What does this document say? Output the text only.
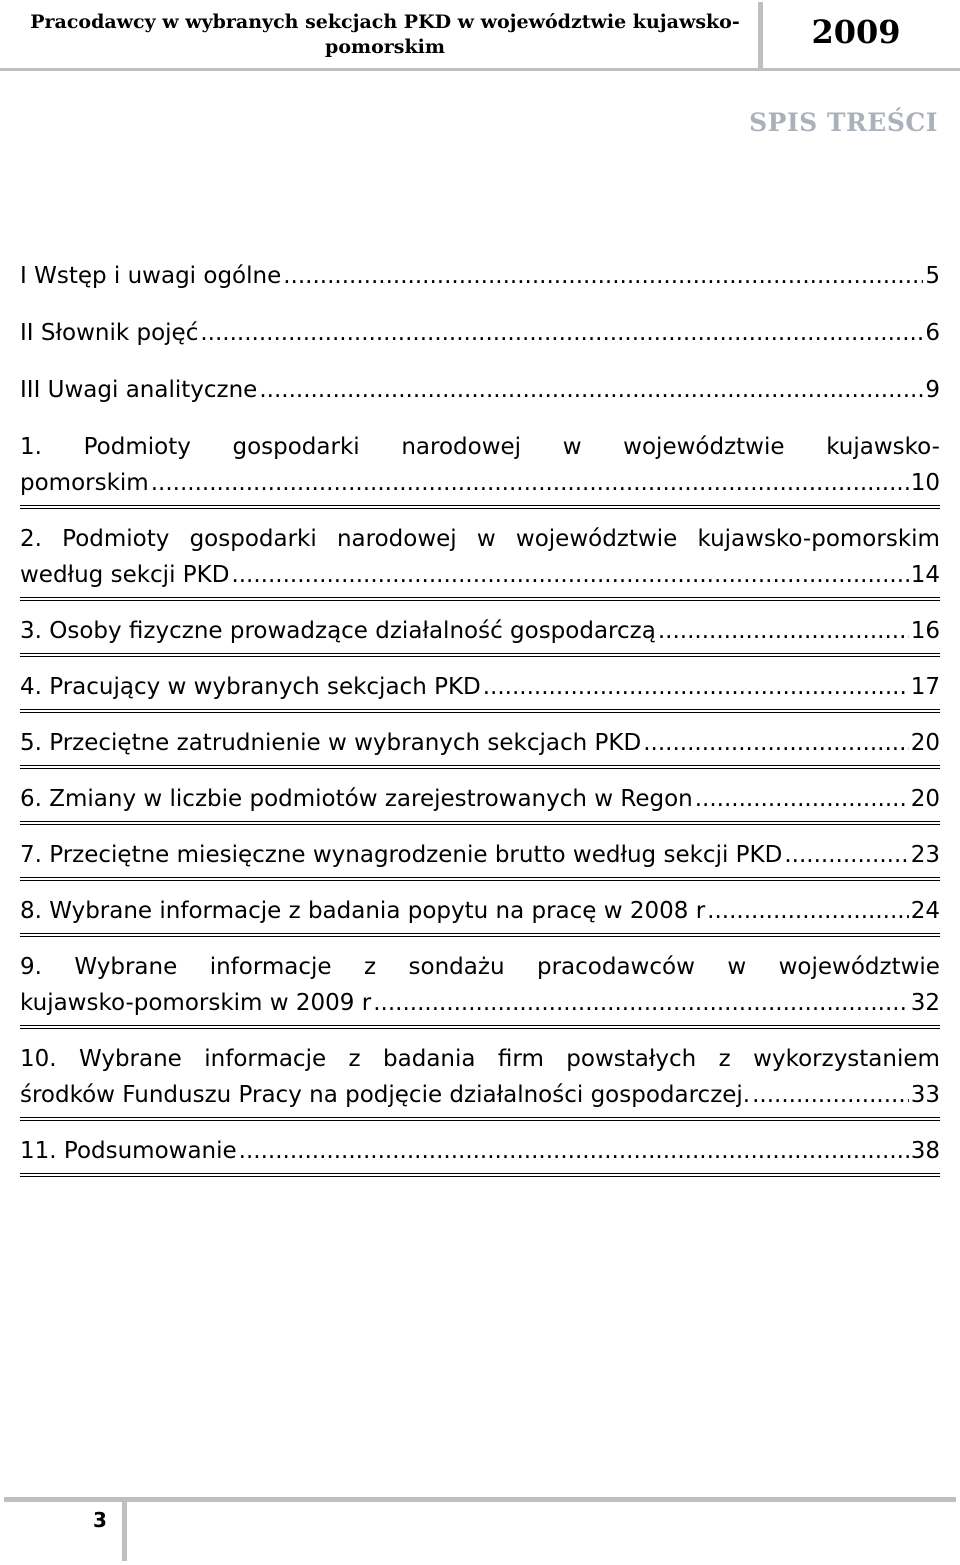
Pracodawcy w wybranych sekcjach PKD w województwie kujawsko-pomorskim	2009
SPIS TREŚCI
I Wstęp i uwagi ogólne .....	5
II Słownik pojęć .....	6
III Uwagi analityczne .....	9
1. Podmioty gospodarki narodowej w województwie kujawsko-
pomorskim .....	10
2. Podmioty gospodarki narodowej w województwie kujawsko-pomorskim
według sekcji PKD .....	14
3. Osoby fizyczne prowadzące działalność gospodarczą .....	16
4. Pracujący w wybranych sekcjach PKD .....	17
5. Przeciętne zatrudnienie w wybranych sekcjach PKD .....	20
6. Zmiany w liczbie podmiotów zarejestrowanych w Regon .....	20
7. Przeciętne miesięczne wynagrodzenie brutto według sekcji PKD .....	23
8. Wybrane informacje z badania popytu na pracę w 2008 r .....	24
9. Wybrane informacje z sondażu pracodawców w województwie
kujawsko-pomorskim w 2009 r .....	32
10. Wybrane informacje z badania firm powstałych z wykorzystaniem
środków Funduszu Pracy na podjęcie działalności gospodarczej. .....	33
11. Podsumowanie .....	38
3
